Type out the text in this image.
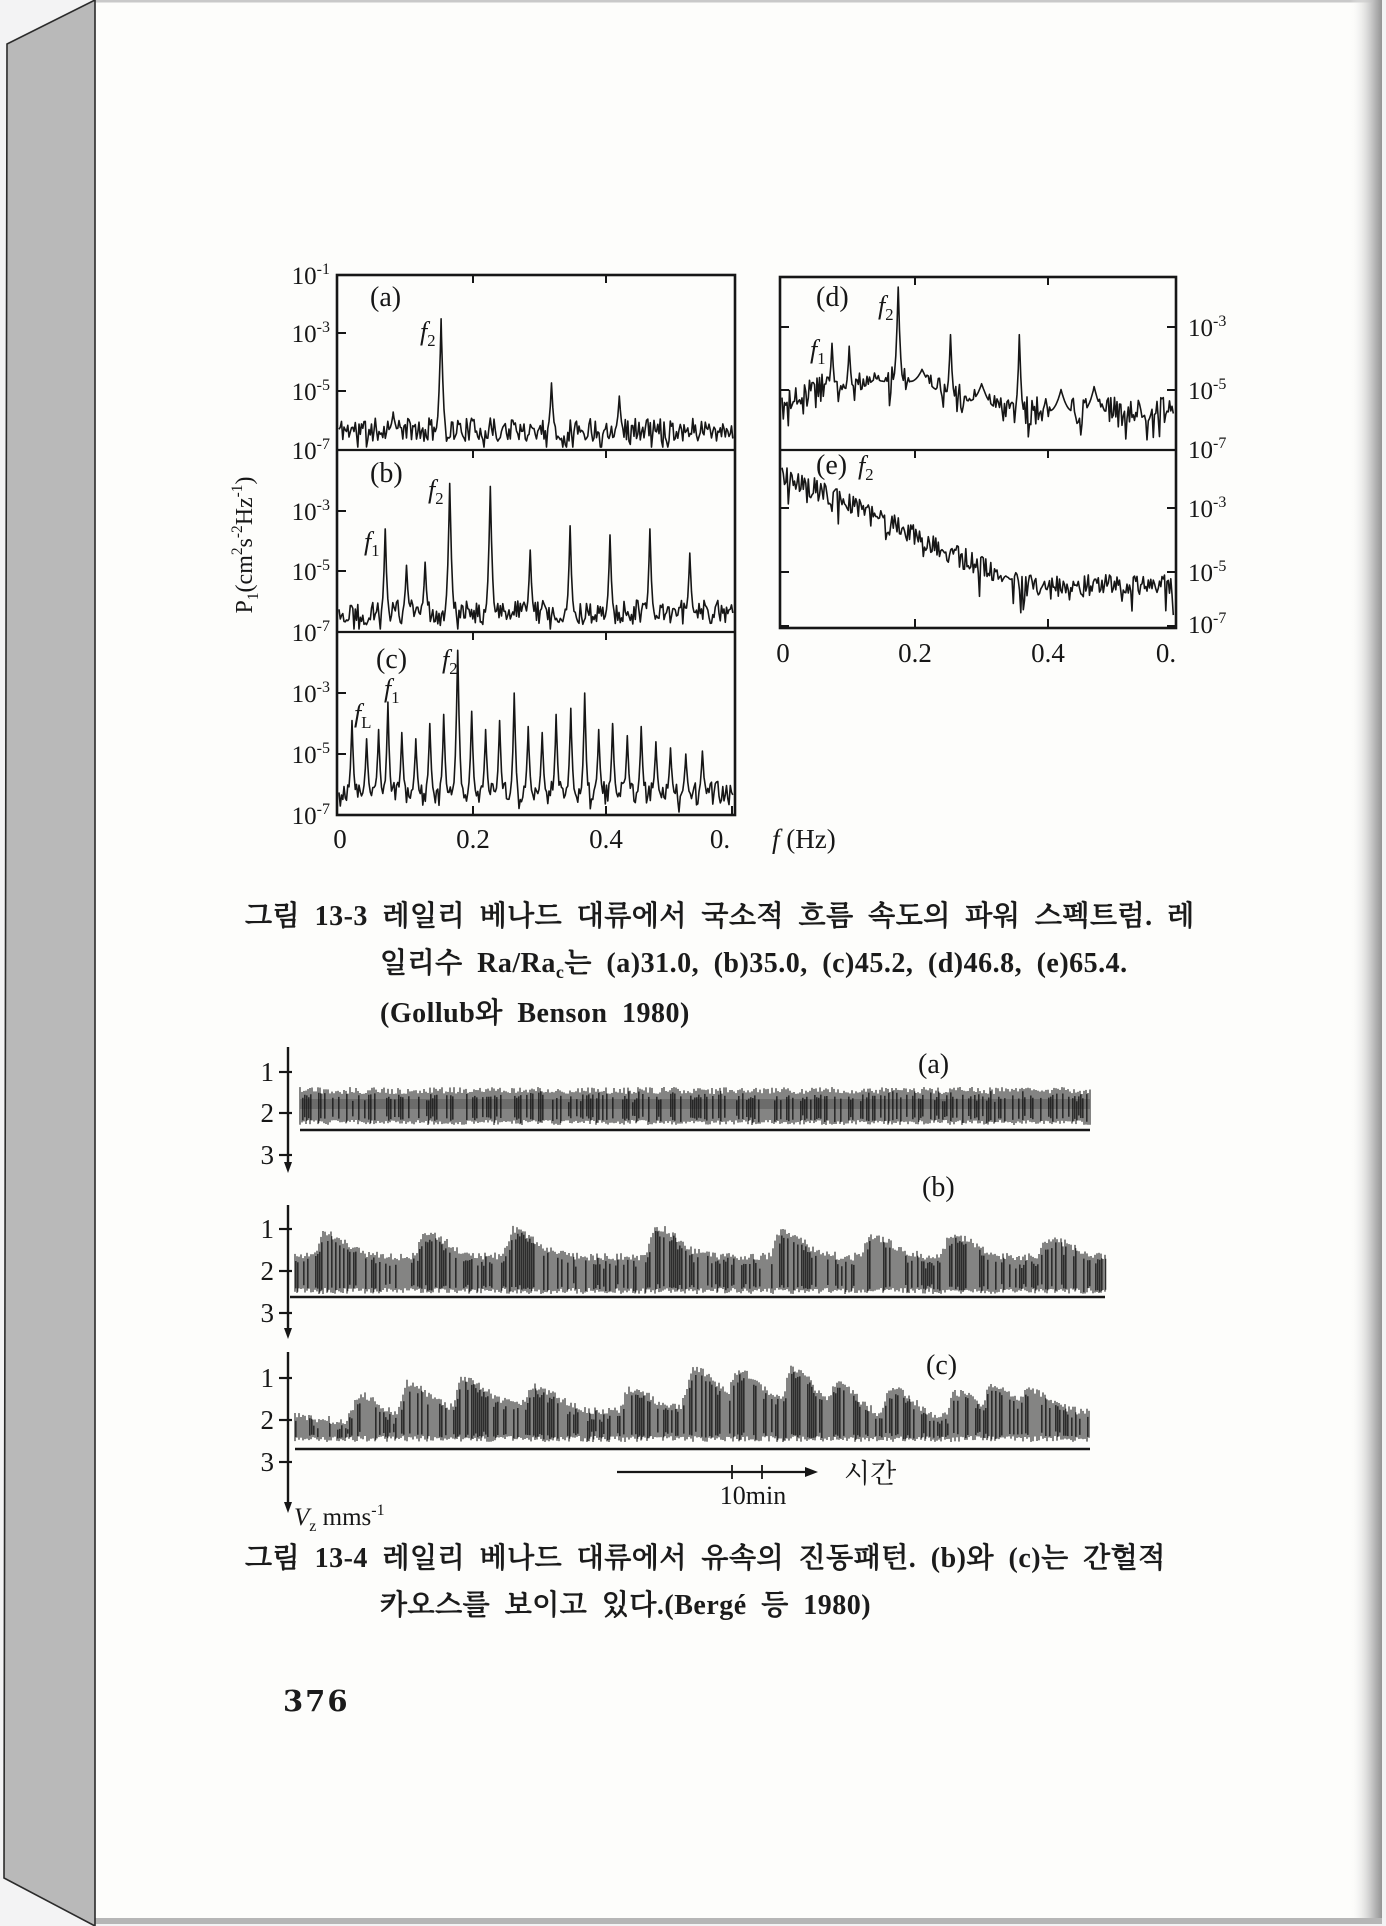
$10^{-1}$
$10^{-3}$
$10^{-5}$
$10^{-7}$
$10^{-3}$
$10^{-5}$
$10^{-7}$
$10^{-3}$
$10^{-5}$
$10^{-7}$
$10^{-3}$
$10^{-5}$
$10^{-7}$
$10^{-3}$
$10^{-5}$
$10^{-7}$
0
0
0.2
0.2
0.4
0.4
0.
0.
f (Hz)
$P_1(cm^2s^{-2}Hz^{-1})$
(a)
$f_2$
(b)
$f_1$
$f_2$
(c)
$f_L$
$f_1$
$f_2$
(d)
$f_1$
$f_2$
(e) $f_2$
그림 13-3 레일리 베나드 대류에서 국소적 흐름 속도의 파워 스펙트럼. 레
일리수 $Ra/Ra_c$는 (a)31.0, (b)35.0, (c)45.2, (d)46.8, (e)65.4.
(Gollub와 Benson 1980)
1
2
3
(a)
1
2
3
(b)
1
2
3
(c)
$V_z$ mms$^{-1}$
10min
시간
그림 13-4 레일리 베나드 대류에서 유속의 진동패턴. (b)와 (c)는 간헐적
카오스를 보이고 있다.(Bergé 등 1980)
376
